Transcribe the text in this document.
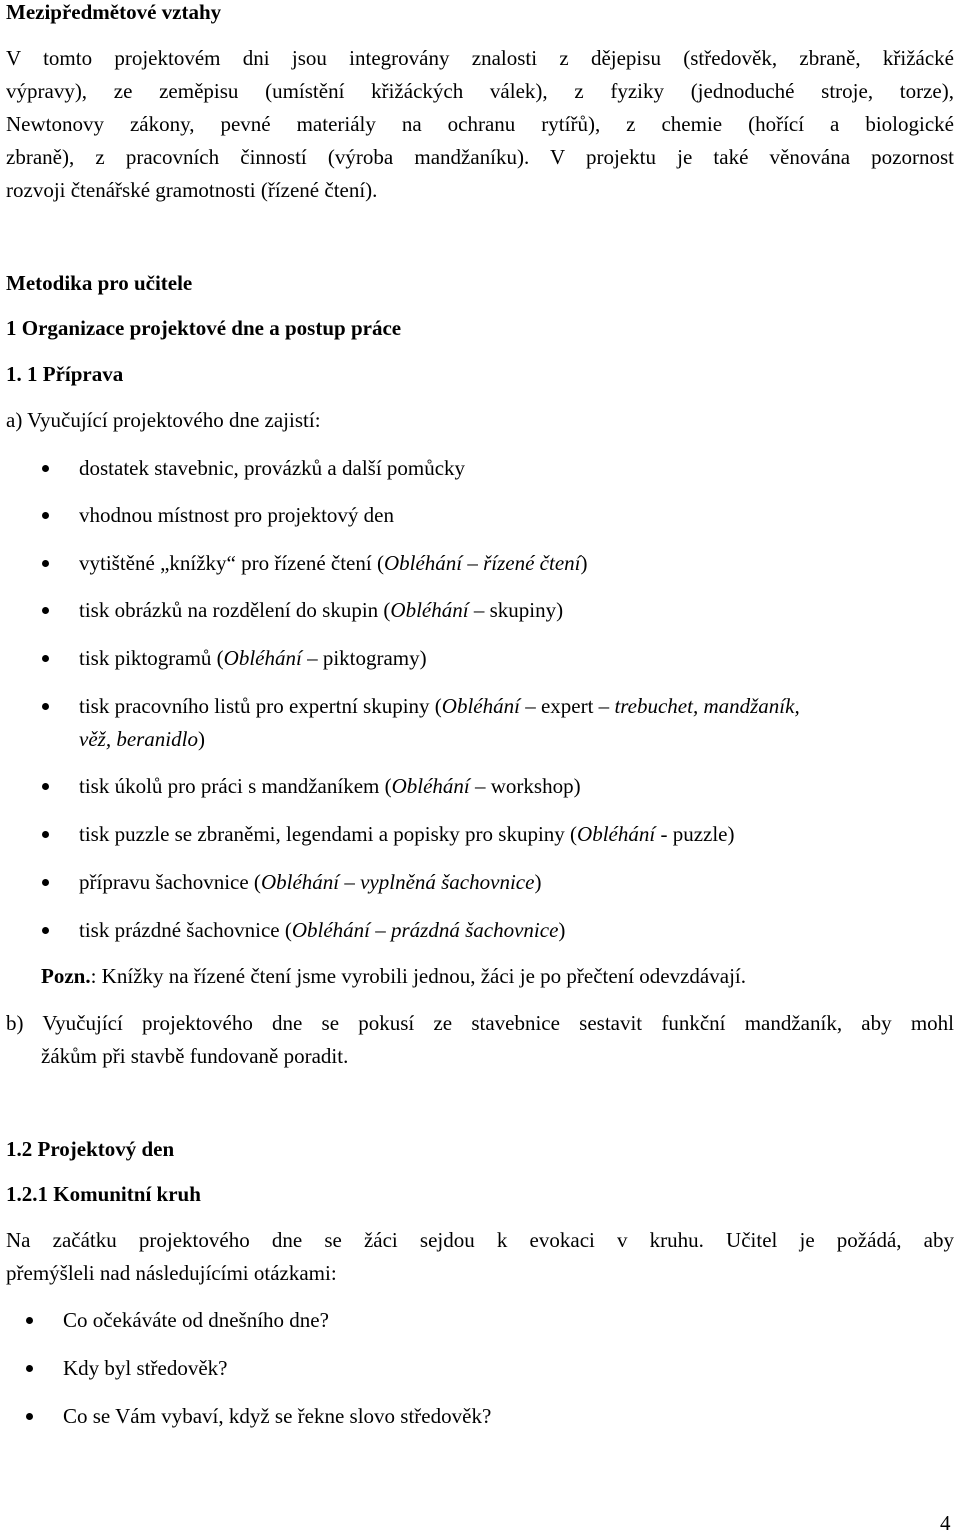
Mezipředmětové vztahy
V tomto projektovém dni jsou integrovány znalosti z dějepisu (středověk, zbraně, křižácké
výpravy), ze zeměpisu (umístění křižáckých válek), z fyziky (jednoduché stroje, torze),
Newtonovy zákony, pevné materiály na ochranu rytířů), z chemie (hořící a biologické
zbraně), z pracovních činností (výroba mandžaníku). V projektu je také věnována pozornost
rozvoji čtenářské gramotnosti (řízené čtení).
Metodika pro učitele
1 Organizace projektové dne a postup práce
1. 1 Příprava
a) Vyučující projektového dne zajistí:
dostatek stavebnic, provázků a další pomůcky
vhodnou místnost pro projektový den
vytištěné „knížky“ pro řízené čtení (Obléhání – řízené čtení)
tisk obrázků na rozdělení do skupin (Obléhání – skupiny)
tisk piktogramů (Obléhání – piktogramy)
tisk pracovního listů pro expertní skupiny (Obléhání – expert – trebuchet, mandžaník,
věž, beranidlo)
tisk úkolů pro práci s mandžaníkem (Obléhání – workshop)
tisk puzzle se zbraněmi, legendami a popisky pro skupiny (Obléhání - puzzle)
přípravu šachovnice (Obléhání – vyplněná šachovnice)
tisk prázdné šachovnice (Obléhání – prázdná šachovnice)
Pozn.: Knížky na řízené čtení jsme vyrobili jednou, žáci je po přečtení odevzdávají.
b) Vyučující projektového dne se pokusí ze stavebnice sestavit funkční mandžaník, aby mohl
žákům při stavbě fundovaně poradit.
1.2 Projektový den
1.2.1 Komunitní kruh
Na začátku projektového dne se žáci sejdou k evokaci v kruhu. Učitel je požádá, aby
přemýšleli nad následujícími otázkami:
Co očekáváte od dnešního dne?
Kdy byl středověk?
Co se Vám vybaví, když se řekne slovo středověk?
4
